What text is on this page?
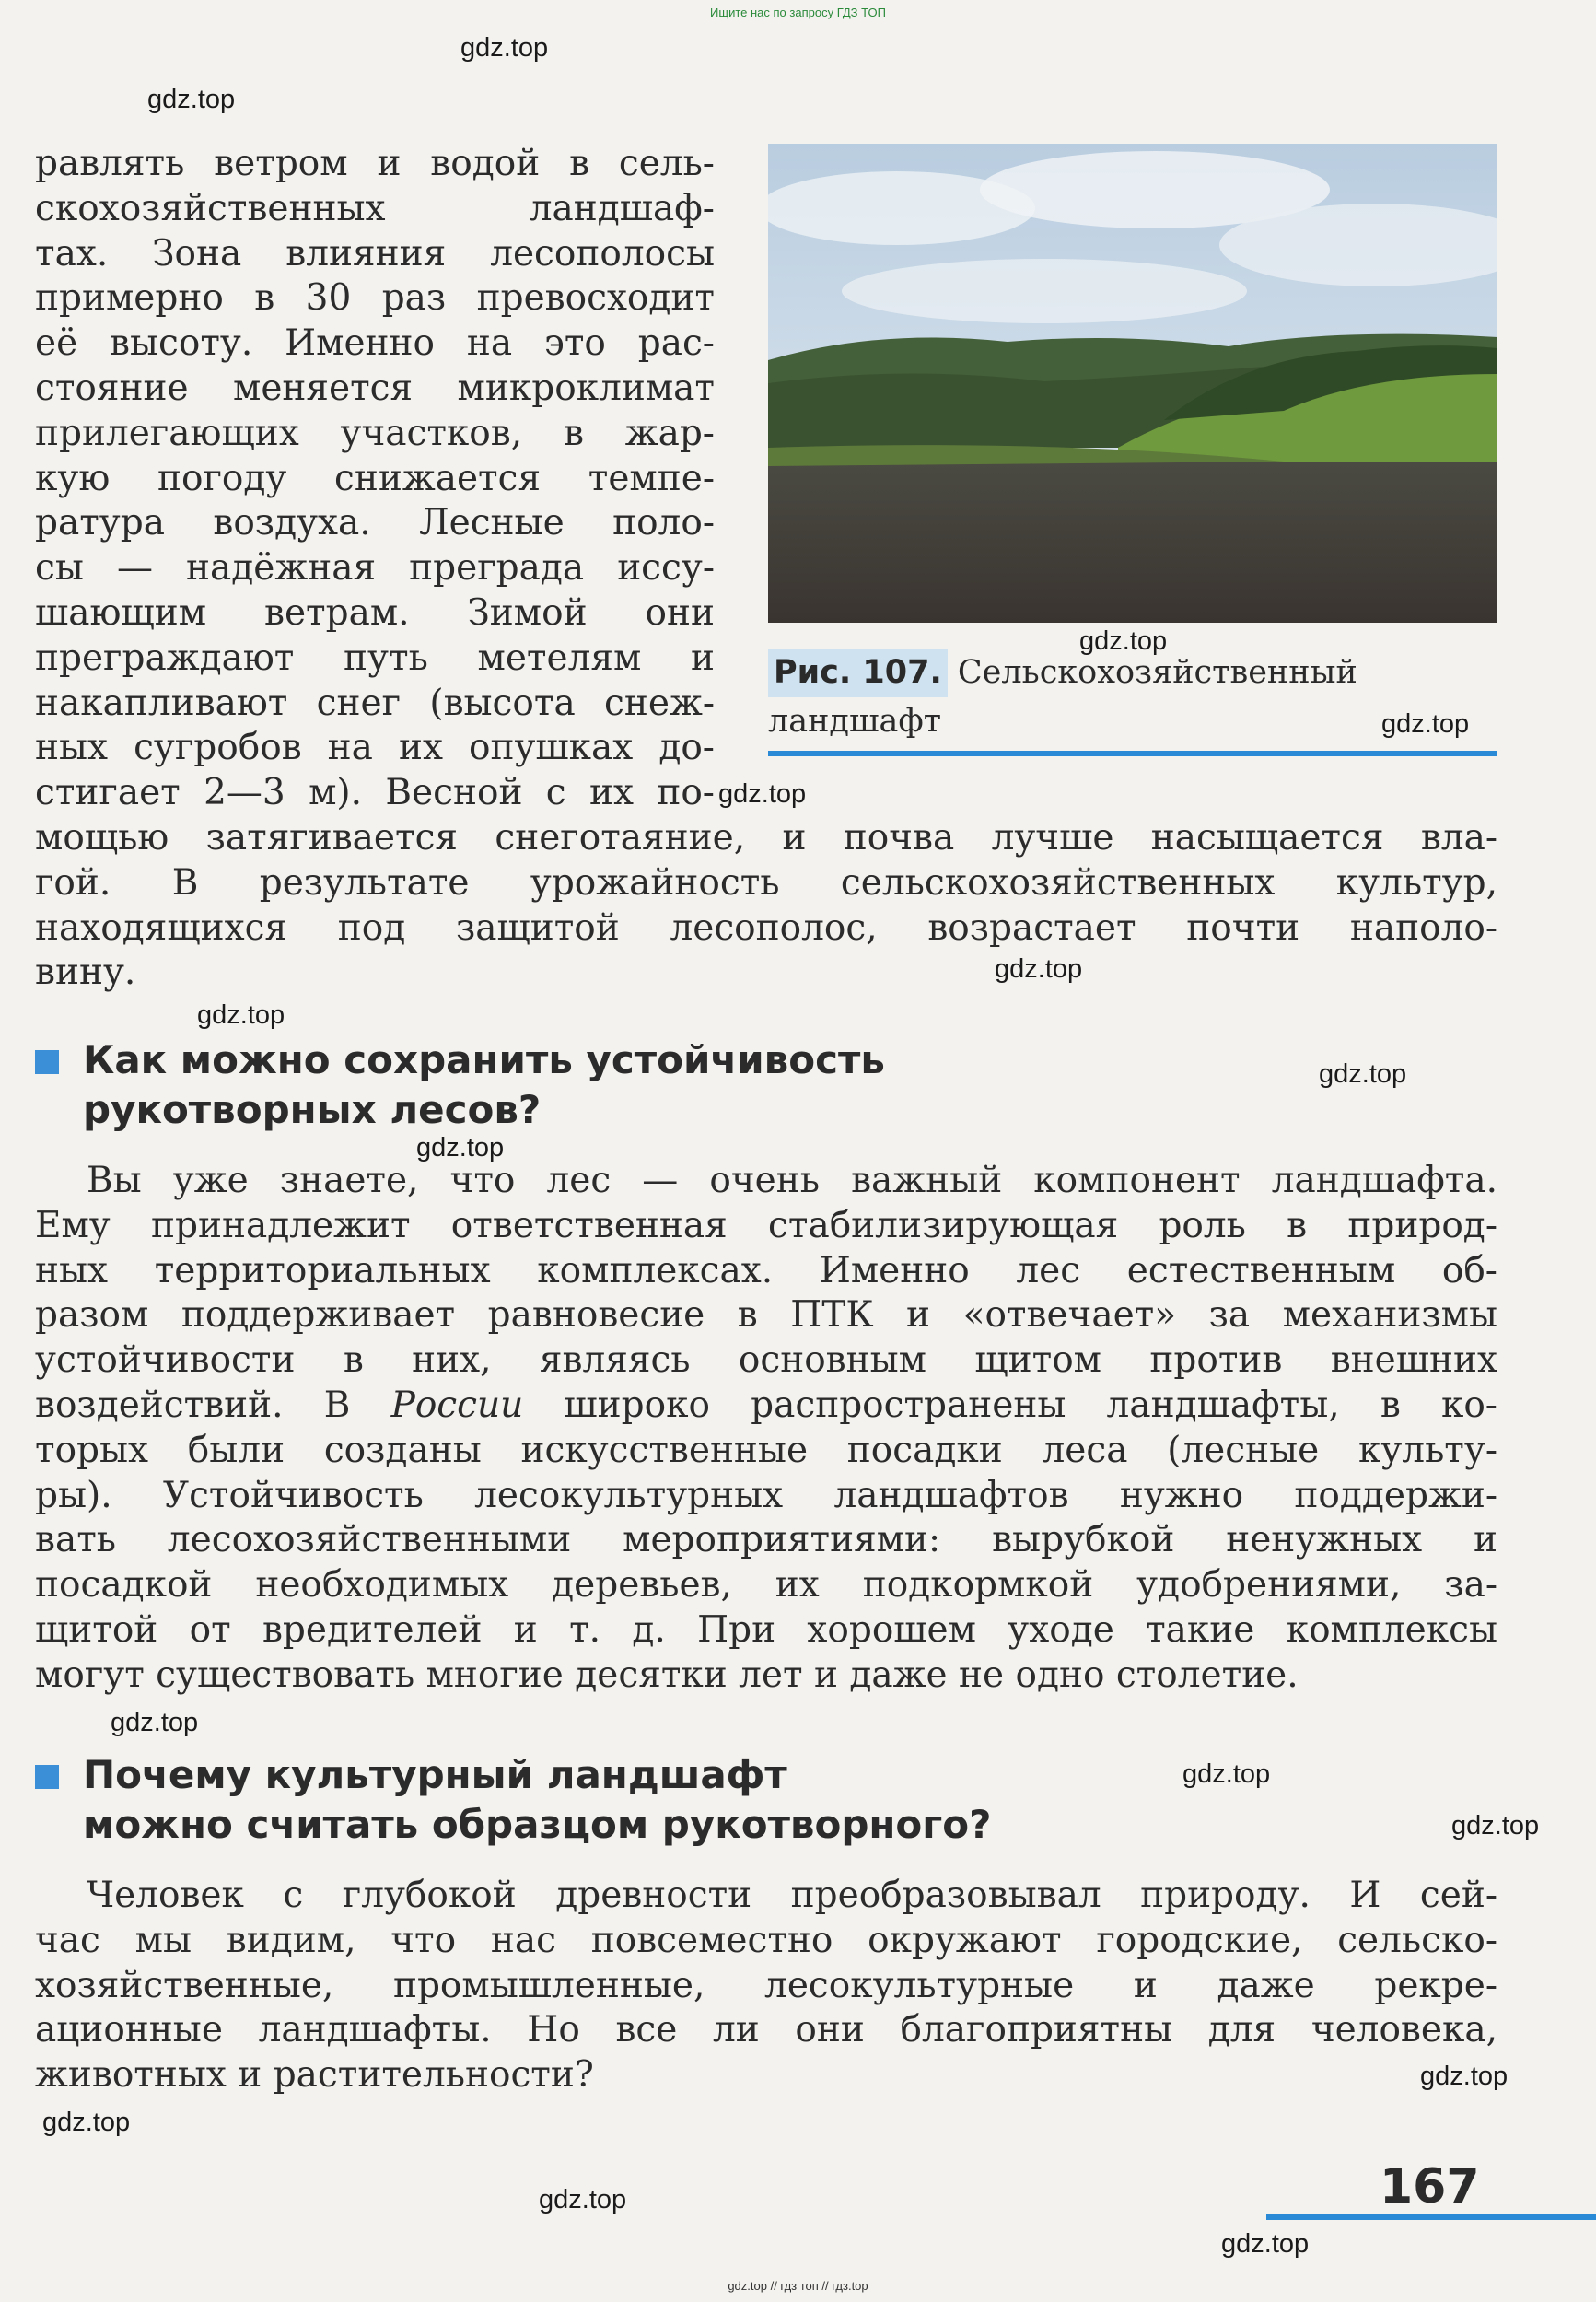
Ищите нас по запросу ГДЗ ТОП
gdz.top
gdz.top
gdz.top
gdz.top
gdz.top
gdz.top
gdz.top
gdz.top
gdz.top
gdz.top
gdz.top
gdz.top
gdz.top
gdz.top
gdz.top
gdz.top
равлять ветром и водой в сель-
скохозяйственных ландшаф-
тах. Зона влияния лесополосы
примерно в 30 раз превосходит
её высоту. Именно на это рас-
стояние меняется микроклимат
прилегающих участков, в жар-
кую погоду снижается темпе-
ратура воздуха. Лесные поло-
сы — надёжная преграда иссу-
шающим ветрам. Зимой они
преграждают путь метелям и
накапливают снег (высота снеж-
ных сугробов на их опушках до-
стигает 2—3 м). Весной с их по-
мощью затягивается снеготаяние, и почва лучше насыщается вла-
гой. В результате урожайность сельскохозяйственных культур,
находящихся под защитой лесополос, возрастает почти наполо-
вину.
Рис. 107. Сельскохозяйственный
ландшафт
Как можно сохранить устойчивость
рукотворных лесов?
Вы уже знаете, что лес — очень важный компонент ландшафта.
Ему принадлежит ответственная стабилизирующая роль в природ-
ных территориальных комплексах. Именно лес естественным об-
разом поддерживает равновесие в ПТК и «отвечает» за механизмы
устойчивости в них, являясь основным щитом против внешних
воздействий. В России широко распространены ландшафты, в ко-
торых были созданы искусственные посадки леса (лесные культу-
ры). Устойчивость лесокультурных ландшафтов нужно поддержи-
вать лесохозяйственными мероприятиями: вырубкой ненужных и
посадкой необходимых деревьев, их подкормкой удобрениями, за-
щитой от вредителей и т. д. При хорошем уходе такие комплексы
могут существовать многие десятки лет и даже не одно столетие.
Почему культурный ландшафт
можно считать образцом рукотворного?
Человек с глубокой древности преобразовывал природу. И сей-
час мы видим, что нас повсеместно окружают городские, сельско-
хозяйственные, промышленные, лесокультурные и даже рекре-
ационные ландшафты. Но все ли они благоприятны для человека,
животных и растительности?
167
gdz.top // гдз топ // гдз.top
